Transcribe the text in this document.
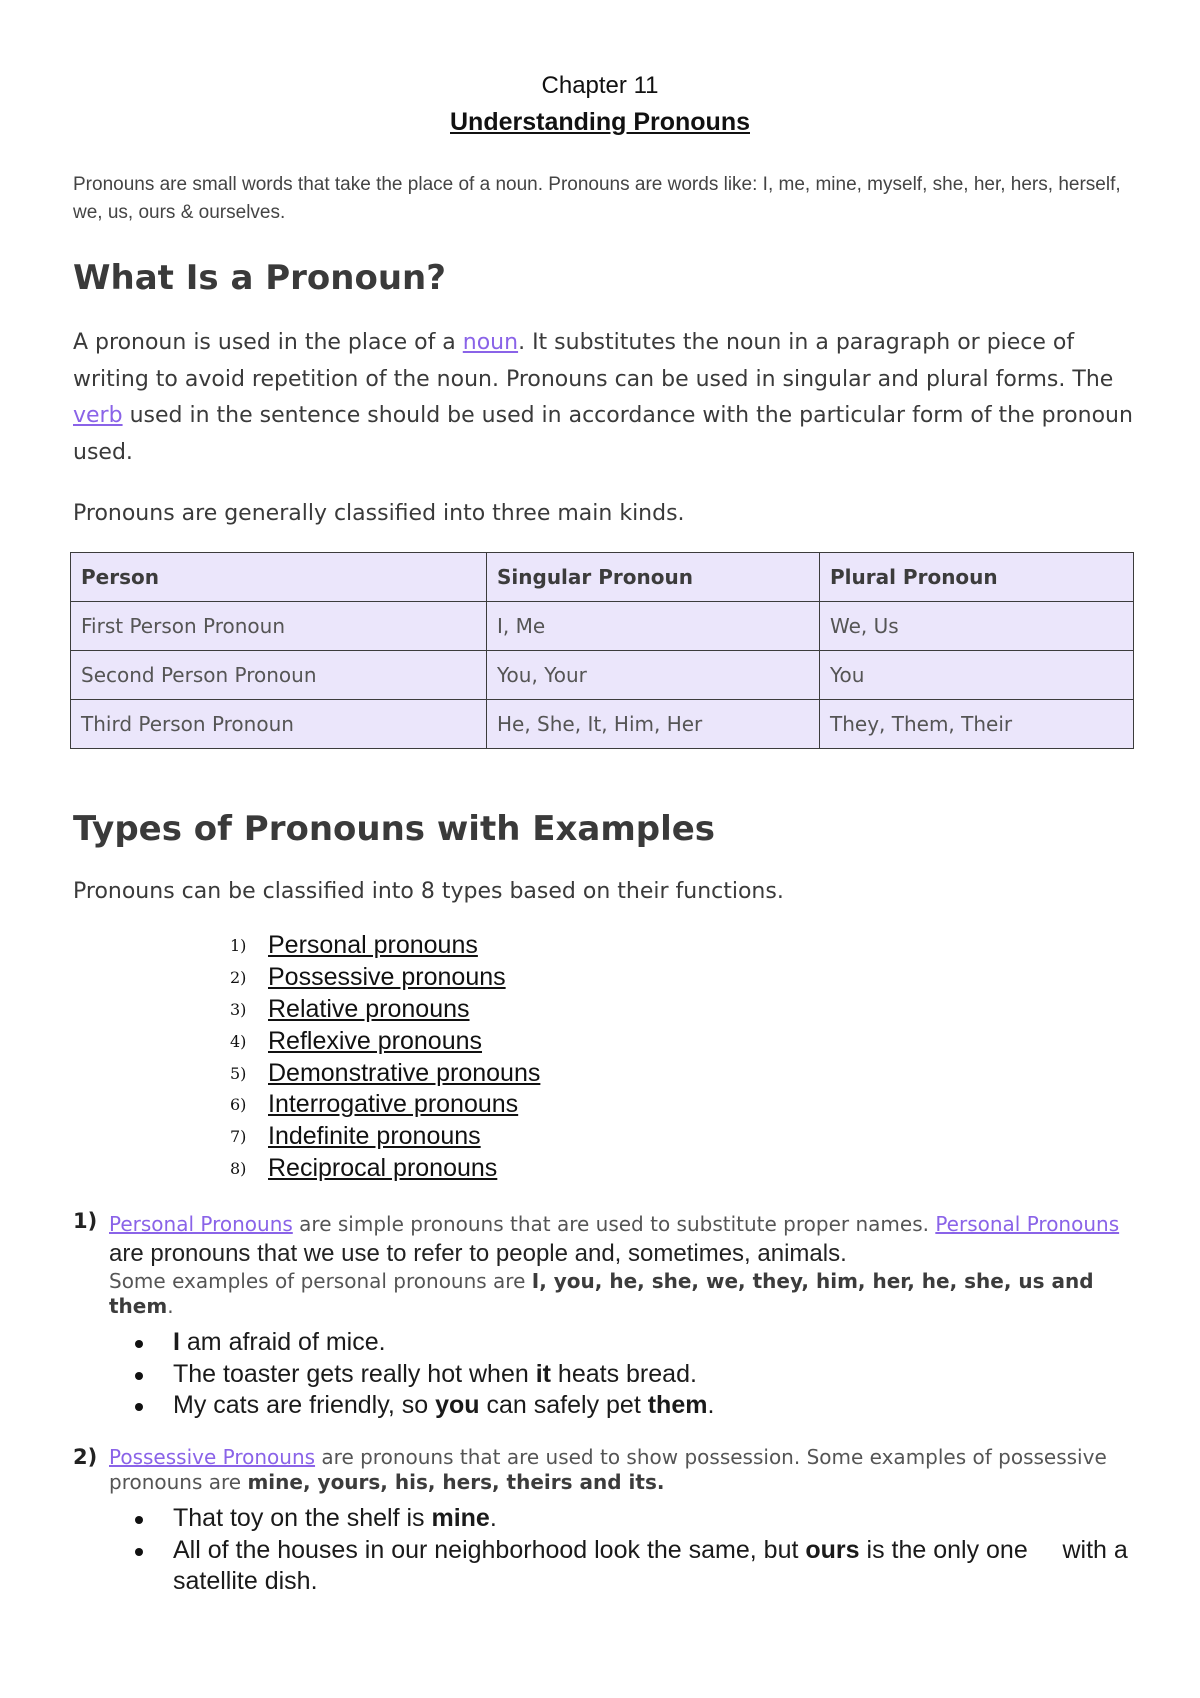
Chapter 11
Understanding Pronouns
Pronouns are small words that take the place of a noun. Pronouns are words like: I, me, mine, myself, she, her, hers, herself, we, us, ours & ourselves.
What Is a Pronoun?
A pronoun is used in the place of a noun. It substitutes the noun in a paragraph or piece of writing to avoid repetition of the noun. Pronouns can be used in singular and plural forms. The verb used in the sentence should be used in accordance with the particular form of the pronoun used.
Pronouns are generally classified into three main kinds.
Person	Singular Pronoun	Plural Pronoun
First Person Pronoun	I, Me	We, Us
Second Person Pronoun	You, Your	You
Third Person Pronoun	He, She, It, Him, Her	They, Them, Their
Types of Pronouns with Examples
Pronouns can be classified into 8 types based on their functions.
1) Personal pronouns
2) Possessive pronouns
3) Relative pronouns
4) Reflexive pronouns
5) Demonstrative pronouns
6) Interrogative pronouns
7) Indefinite pronouns
8) Reciprocal pronouns
1) Personal Pronouns are simple pronouns that are used to substitute proper names. Personal Pronouns are pronouns that we use to refer to people and, sometimes, animals.
Some examples of personal pronouns are I, you, he, she, we, they, him, her, he, she, us and them.
I am afraid of mice.
The toaster gets really hot when it heats bread.
My cats are friendly, so you can safely pet them.
2) Possessive Pronouns are pronouns that are used to show possession. Some examples of possessive pronouns are mine, yours, his, hers, theirs and its.
That toy on the shelf is mine.
All of the houses in our neighborhood look the same, but ours is the only one     with a satellite dish.
